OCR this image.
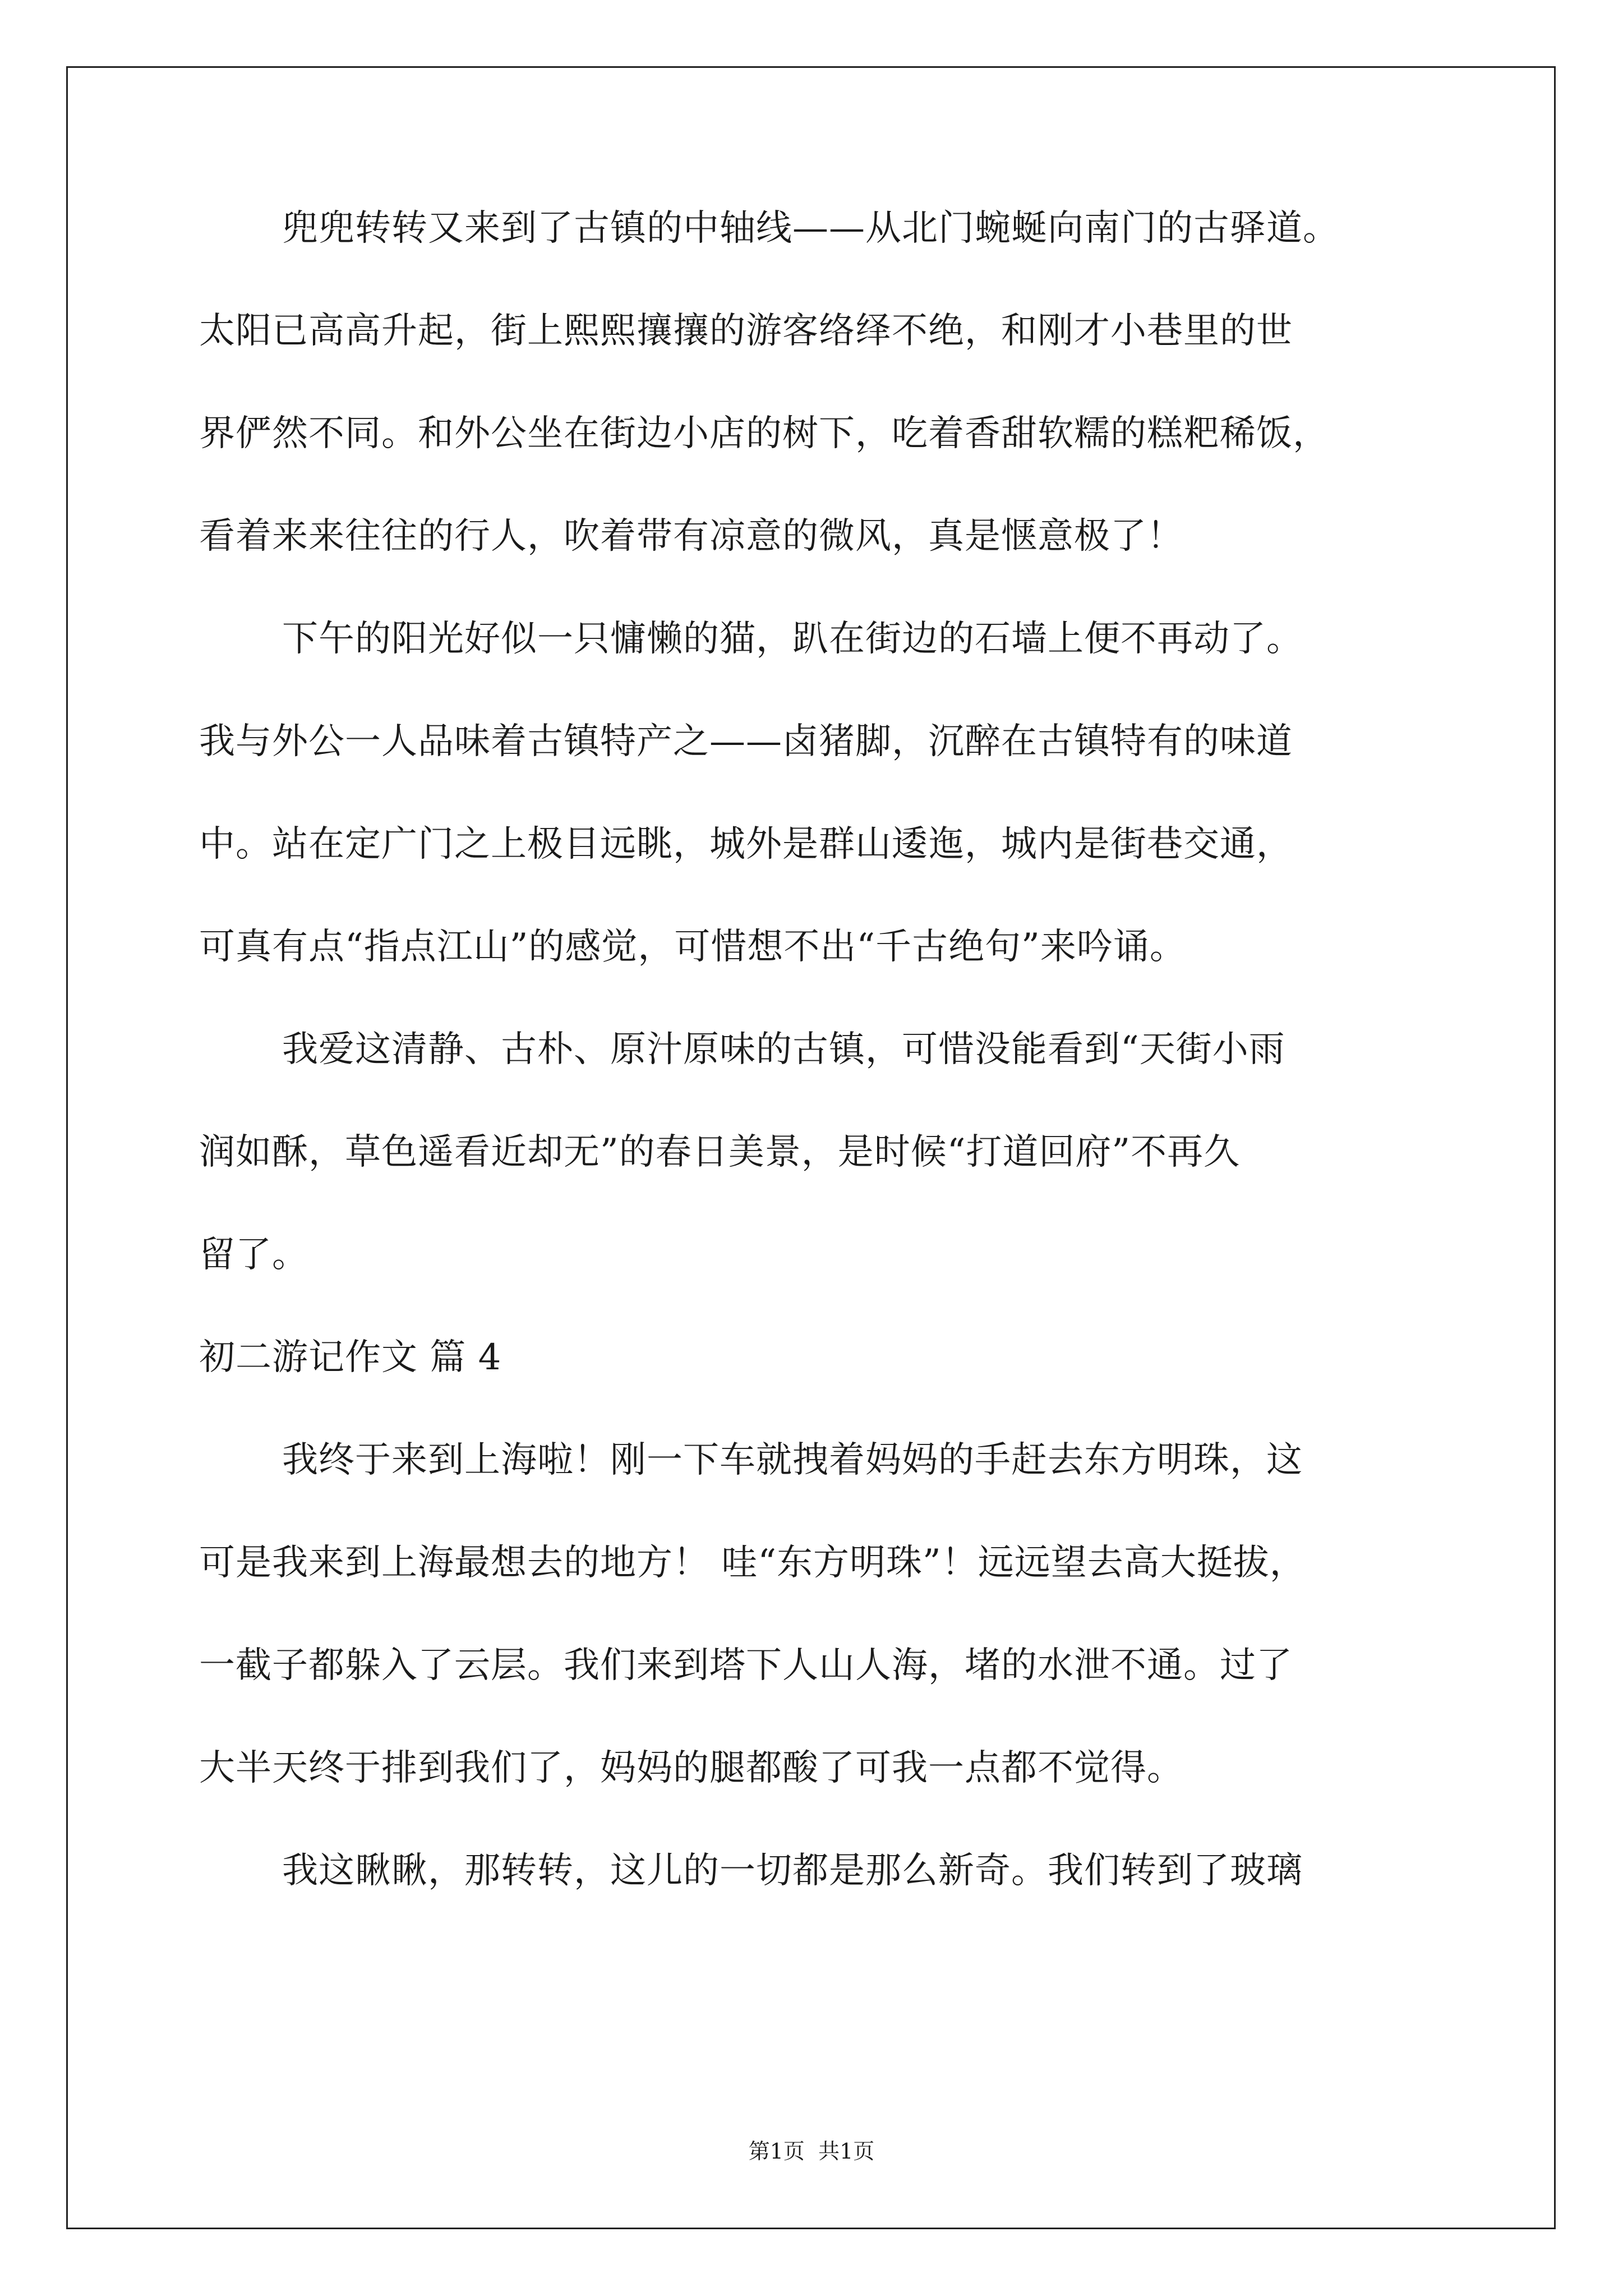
兜兜转转又来到了古镇的中轴线——从北门蜿蜒向南门的古驿道。
太阳已高高升起，街上熙熙攘攘的游客络绎不绝，和刚才小巷里的世
界俨然不同。和外公坐在街边小店的树下，吃着香甜软糯的糕粑稀饭，
看着来来往往的行人，吹着带有凉意的微风，真是惬意极了！
下午的阳光好似一只慵懒的猫，趴在街边的石墙上便不再动了。
我与外公一人品味着古镇特产之——卤猪脚，沉醉在古镇特有的味道
中。站在定广门之上极目远眺，城外是群山逶迤，城内是街巷交通，
可真有点“指点江山”的感觉，可惜想不出“千古绝句”来吟诵。
我爱这清静、古朴、原汁原味的古镇，可惜没能看到“天街小雨
润如酥，草色遥看近却无”的春日美景，是时候“打道回府”不再久
留了。
初二游记作文 篇 4
我终于来到上海啦！刚一下车就拽着妈妈的手赶去东方明珠，这
可是我来到上海最想去的地方！ 哇“东方明珠”！远远望去高大挺拔，
一截子都躲入了云层。我们来到塔下人山人海，堵的水泄不通。过了
大半天终于排到我们了，妈妈的腿都酸了可我一点都不觉得。
我这瞅瞅，那转转，这儿的一切都是那么新奇。我们转到了玻璃
第1页  共1页
